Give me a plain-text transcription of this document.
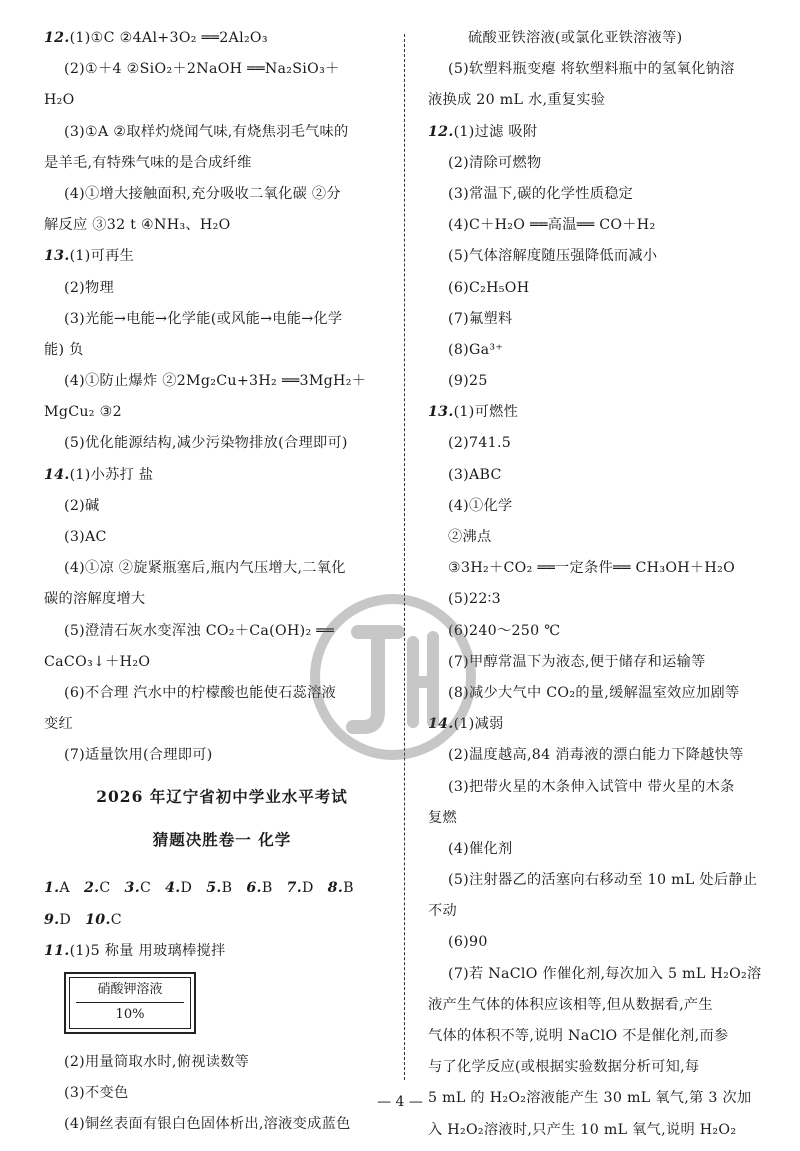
12.(1)①C ②4Al+3O₂ ══2Al₂O₃
(2)①＋4 ②SiO₂＋2NaOH ══Na₂SiO₃＋
H₂O
(3)①A ②取样灼烧闻气味,有烧焦羽毛气味的
是羊毛,有特殊气味的是合成纤维
(4)①增大接触面积,充分吸收二氧化碳 ②分
解反应 ③32 t ④NH₃、H₂O
13.(1)可再生
(2)物理
(3)光能→电能→化学能(或风能→电能→化学
能) 负
(4)①防止爆炸 ②2Mg₂Cu+3H₂ ══3MgH₂＋
MgCu₂ ③2
(5)优化能源结构,减少污染物排放(合理即可)
14.(1)小苏打 盐
(2)碱
(3)AC
(4)①凉 ②旋紧瓶塞后,瓶内气压增大,二氧化
碳的溶解度增大
(5)澄清石灰水变浑浊 CO₂＋Ca(OH)₂ ══
CaCO₃↓＋H₂O
(6)不合理 汽水中的柠檬酸也能使石蕊溶液
变红
(7)适量饮用(合理即可)
2026 年辽宁省初中学业水平考试
猜题决胜卷一 化学
1.A 2.C 3.C 4.D 5.B 6.B 7.D 8.B
9.D 10.C
11.(1)5 称量 用玻璃棒搅拌
硝酸钾溶液
10%
(2)用量筒取水时,俯视读数等
(3)不变色
(4)铜丝表面有银白色固体析出,溶液变成蓝色
硫酸亚铁溶液(或氯化亚铁溶液等)
(5)软塑料瓶变瘪 将软塑料瓶中的氢氧化钠溶
液换成 20 mL 水,重复实验
12.(1)过滤 吸附
(2)清除可燃物
(3)常温下,碳的化学性质稳定
(4)C＋H₂O ══高温══ CO＋H₂
(5)气体溶解度随压强降低而减小
(6)C₂H₅OH
(7)氟塑料
(8)Ga³⁺
(9)25
13.(1)可燃性
(2)741.5
(3)ABC
(4)①化学
②沸点
③3H₂＋CO₂ ══一定条件══ CH₃OH＋H₂O
(5)22∶3
(6)240～250 ℃
(7)甲醇常温下为液态,便于储存和运输等
(8)减少大气中 CO₂的量,缓解温室效应加剧等
14.(1)减弱
(2)温度越高,84 消毒液的漂白能力下降越快等
(3)把带火星的木条伸入试管中 带火星的木条
复燃
(4)催化剂
(5)注射器乙的活塞向右移动至 10 mL 处后静止
不动
(6)90
(7)若 NaClO 作催化剂,每次加入 5 mL H₂O₂溶
液产生气体的体积应该相等,但从数据看,产生
气体的体积不等,说明 NaClO 不是催化剂,而参
与了化学反应(或根据实验数据分析可知,每
5 mL 的 H₂O₂溶液能产生 30 mL 氧气,第 3 次加
入 H₂O₂溶液时,只产生 10 mL 氧气,说明 H₂O₂
— 4 —
